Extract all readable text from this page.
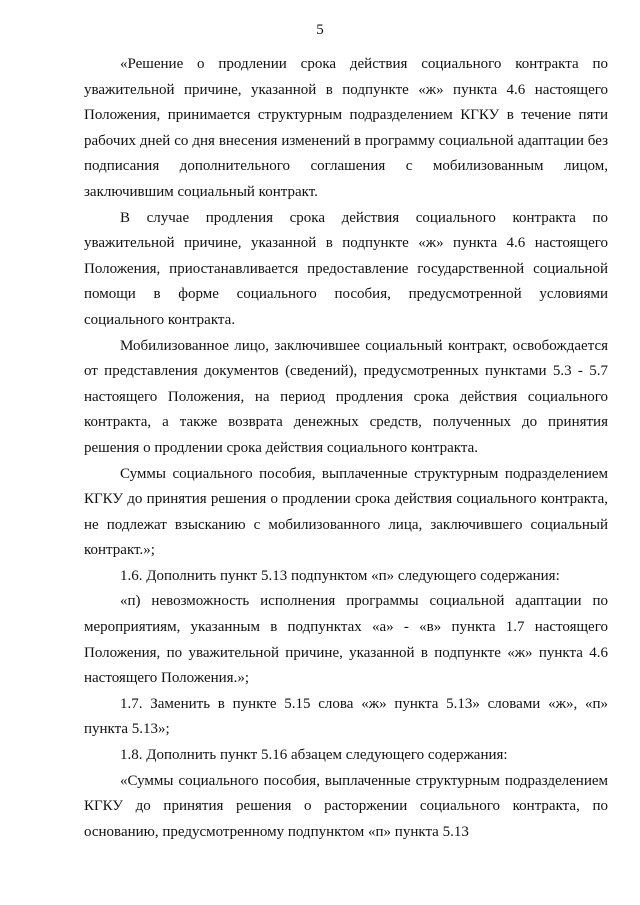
5

«Решение о продлении срока действия социального контракта по уважительной причине, указанной в подпункте «ж» пункта 4.6 настоящего Положения, принимается структурным подразделением КГКУ в течение пяти рабочих дней со дня внесения изменений в программу социальной адаптации без подписания дополнительного соглашения с мобилизованным лицом, заключившим социальный контракт.

В случае продления срока действия социального контракта по уважительной причине, указанной в подпункте «ж» пункта 4.6 настоящего Положения, приостанавливается предоставление государственной социальной помощи в форме социального пособия, предусмотренной условиями социального контракта.

Мобилизованное лицо, заключившее социальный контракт, освобождается от представления документов (сведений), предусмотренных пунктами 5.3 - 5.7 настоящего Положения, на период продления срока действия социального контракта, а также возврата денежных средств, полученных до принятия решения о продлении срока действия социального контракта.

Суммы социального пособия, выплаченные структурным подразделением КГКУ до принятия решения о продлении срока действия социального контракта, не подлежат взысканию с мобилизованного лица, заключившего социальный контракт.»;

1.6. Дополнить пункт 5.13 подпунктом «п» следующего содержания:

«п) невозможность исполнения программы социальной адаптации по мероприятиям, указанным в подпунктах «а» - «в» пункта 1.7 настоящего Положения, по уважительной причине, указанной в подпункте «ж» пункта 4.6 настоящего Положения.»;

1.7. Заменить в пункте 5.15 слова «ж» пункта 5.13» словами «ж», «п» пункта 5.13»;

1.8. Дополнить пункт 5.16 абзацем следующего содержания:

«Суммы социального пособия, выплаченные структурным подразделением КГКУ до принятия решения о расторжении социального контракта, по основанию, предусмотренному подпунктом «п» пункта 5.13
